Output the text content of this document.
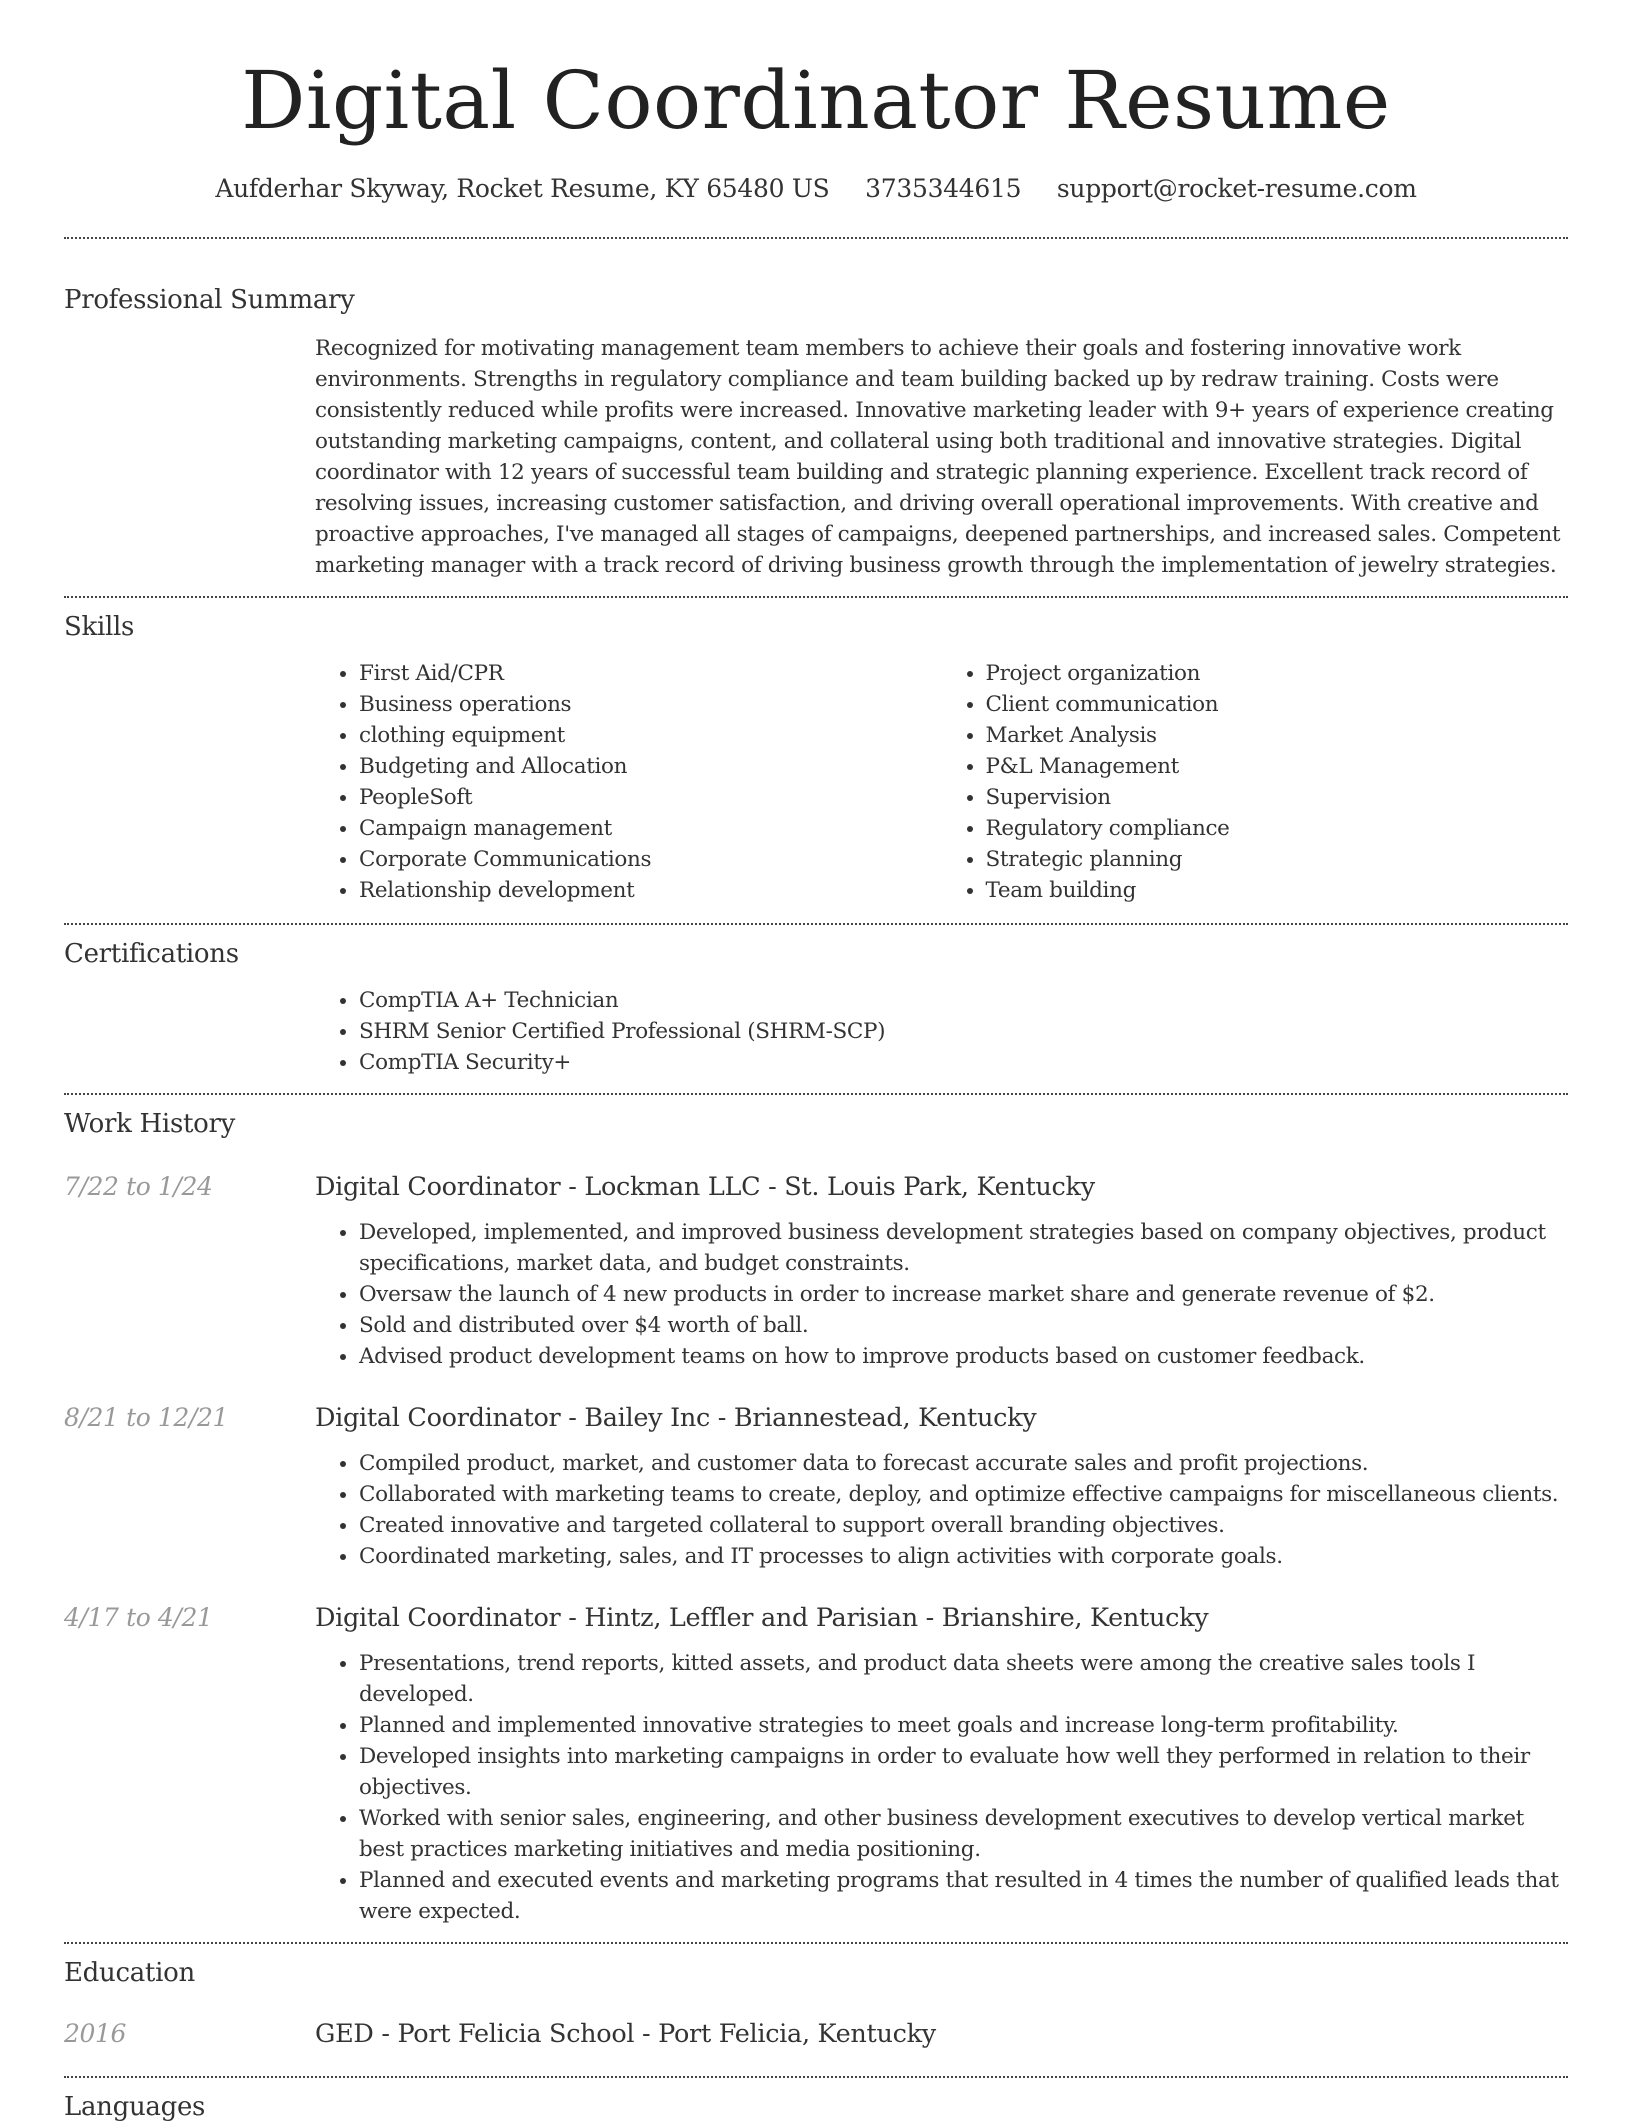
Digital Coordinator Resume
Aufderhar Skyway, Rocket Resume, KY 65480 US 3735344615 support@rocket-resume.com
Professional Summary

Recognized for motivating management team members to achieve their goals and fostering innovative work environments. Strengths in regulatory compliance and team building backed up by redraw training. Costs were consistently reduced while profits were increased. Innovative marketing leader with 9+ years of experience creating outstanding marketing campaigns, content, and collateral using both traditional and innovative strategies. Digital coordinator with 12 years of successful team building and strategic planning experience. Excellent track record of resolving issues, increasing customer satisfaction, and driving overall operational improvements. With creative and proactive approaches, I've managed all stages of campaigns, deepened partnerships, and increased sales. Competent marketing manager with a track record of driving business growth through the implementation of jewelry strategies.

Skills
• First Aid/CPR
• Business operations
• clothing equipment
• Budgeting and Allocation
• PeopleSoft
• Campaign management
• Corporate Communications
• Relationship development
• Project organization
• Client communication
• Market Analysis
• P&L Management
• Supervision
• Regulatory compliance
• Strategic planning
• Team building
Certifications
• CompTIA A+ Technician
• SHRM Senior Certified Professional (SHRM-SCP)
• CompTIA Security+
Work History
7/22 to 1/24	Digital Coordinator - Lockman LLC - St. Louis Park, Kentucky
• Developed, implemented, and improved business development strategies based on company objectives, product specifications, market data, and budget constraints.
• Oversaw the launch of 4 new products in order to increase market share and generate revenue of $2.
• Sold and distributed over $4 worth of ball.
• Advised product development teams on how to improve products based on customer feedback.
8/21 to 12/21	Digital Coordinator - Bailey Inc - Briannestead, Kentucky
• Compiled product, market, and customer data to forecast accurate sales and profit projections.
• Collaborated with marketing teams to create, deploy, and optimize effective campaigns for miscellaneous clients.
• Created innovative and targeted collateral to support overall branding objectives.
• Coordinated marketing, sales, and IT processes to align activities with corporate goals.
4/17 to 4/21	Digital Coordinator - Hintz, Leffler and Parisian - Brianshire, Kentucky
• Presentations, trend reports, kitted assets, and product data sheets were among the creative sales tools I developed.
• Planned and implemented innovative strategies to meet goals and increase long-term profitability.
• Developed insights into marketing campaigns in order to evaluate how well they performed in relation to their objectives.
• Worked with senior sales, engineering, and other business development executives to develop vertical market best practices marketing initiatives and media positioning.
• Planned and executed events and marketing programs that resulted in 4 times the number of qualified leads that were expected.
Education
2016	GED - Port Felicia School - Port Felicia, Kentucky
Languages
